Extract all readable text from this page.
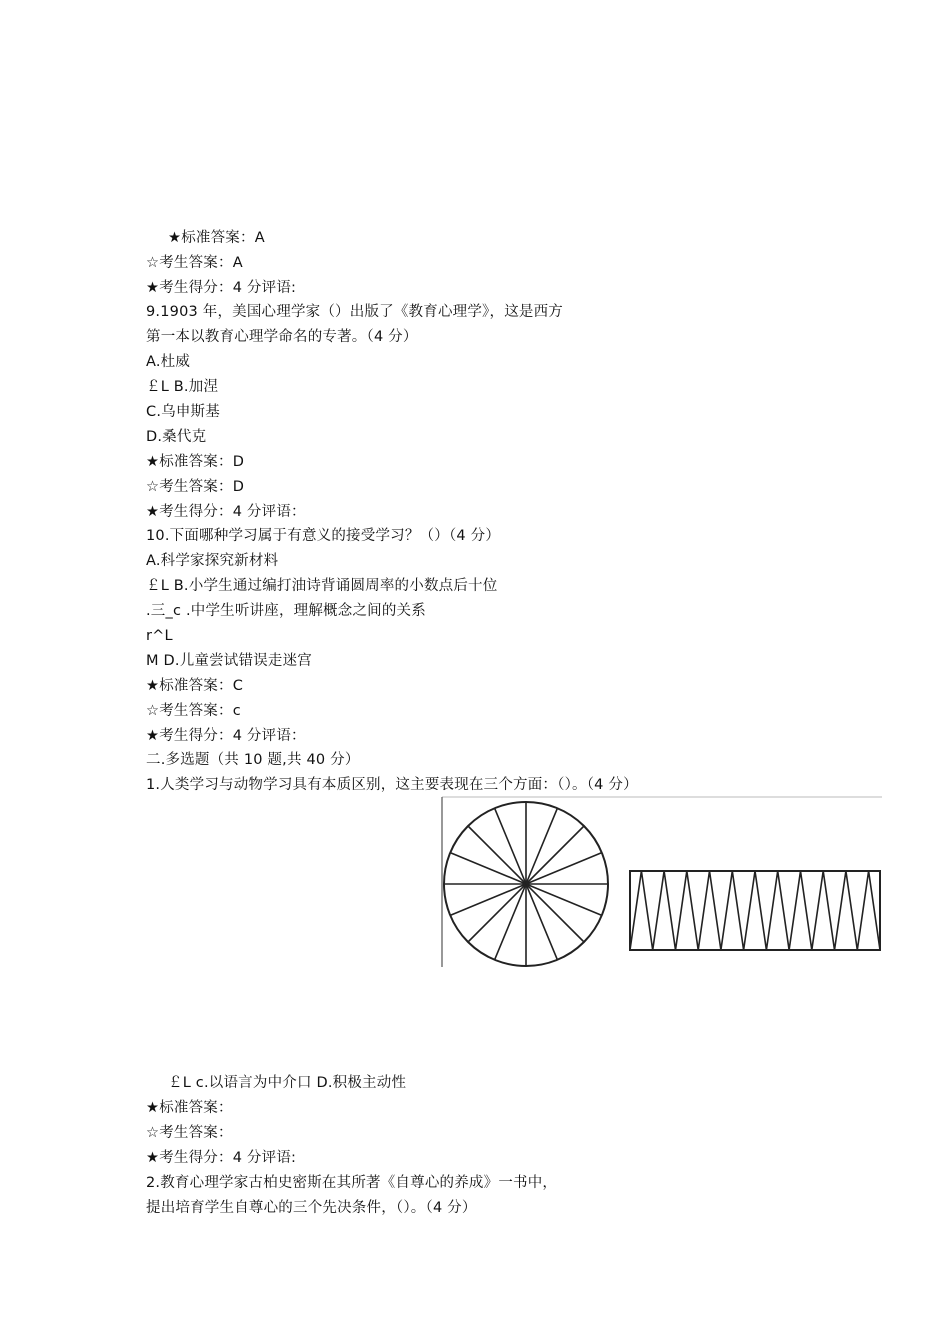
★标准答案：A
☆考生答案：A
★考生得分：4 分评语:
9.1903 年，美国心理学家（）出版了《教育心理学》，这是西方
第一本以教育心理学命名的专著。（4 分）
A.杜威
￡L B.加涅
C.乌申斯基
D.桑代克
★标准答案：D
☆考生答案：D
★考生得分：4 分评语：
10.下面哪种学习属于有意义的接受学习？（）（4 分）
A.科学家探究新材料
￡L B.小学生通过编打油诗背诵圆周率的小数点后十位
.三_c .中学生听讲座，理解概念之间的关系
r^L
M D.儿童尝试错误走迷宫
★标准答案：C
☆考生答案：c
★考生得分：4 分评语：
二.多选题（共 10 题,共 40 分）
1.人类学习与动物学习具有本质区别，这主要表现在三个方面：（）。（4 分）
￡L c.以语言为中介口 D.积极主动性
★标准答案：
☆考生答案：
★考生得分：4 分评语:
2.教育心理学家古柏史密斯在其所著《自尊心的养成》一书中，
提出培育学生自尊心的三个先决条件，（）。（4 分）
